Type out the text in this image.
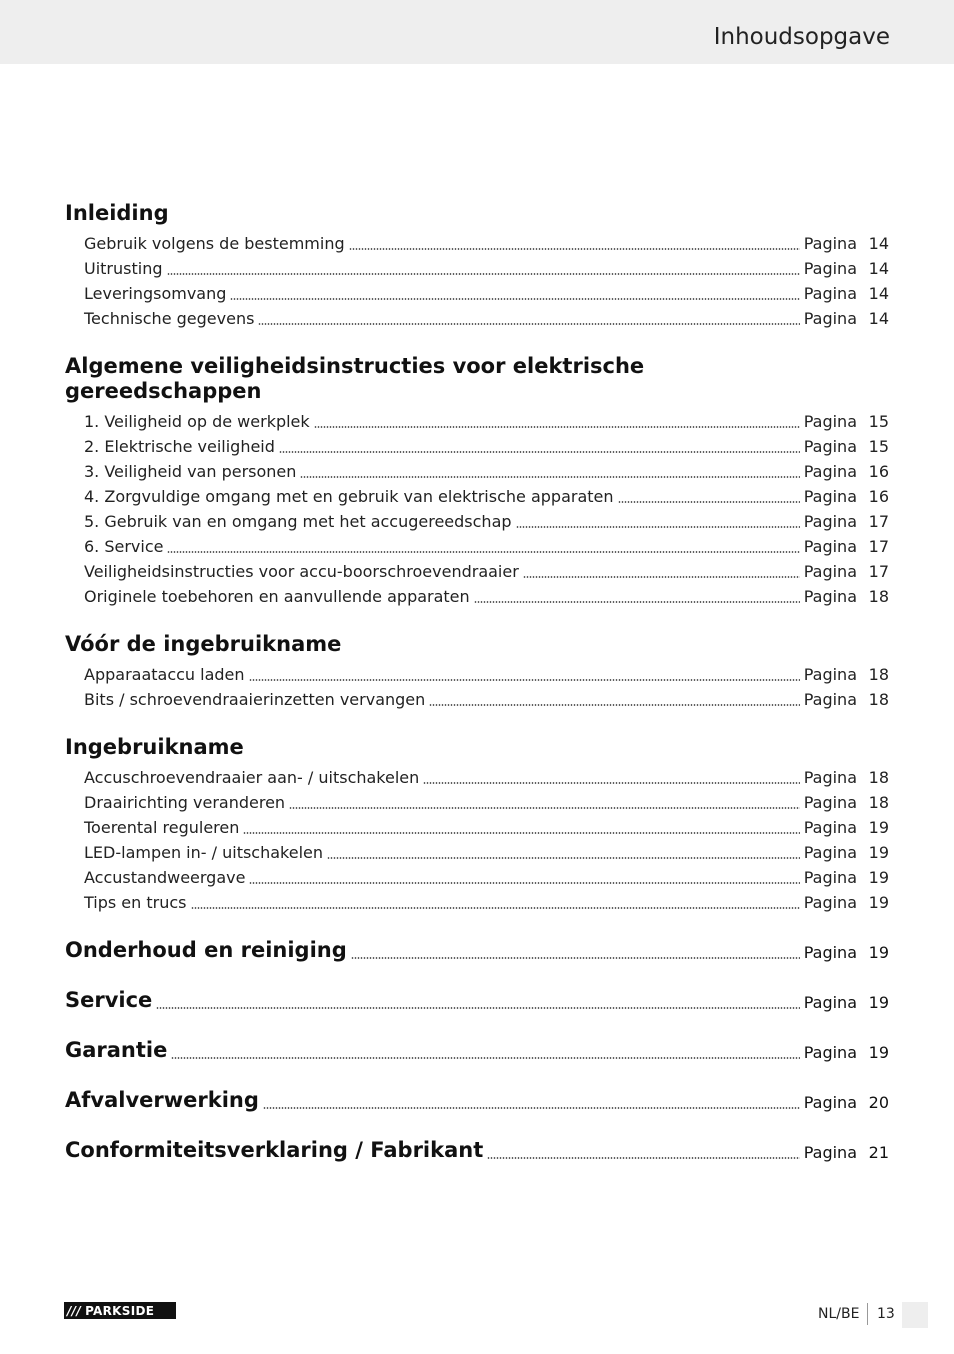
Inhoudsopgave
Inleiding
Gebruik volgens de bestemming	Pagina 14
Uitrusting	Pagina 14
Leveringsomvang	Pagina 14
Technische gegevens	Pagina 14
Algemene veiligheidsinstructies voor elektrische
gereedschappen
1. Veiligheid op de werkplek	Pagina 15
2. Elektrische veiligheid	Pagina 15
3. Veiligheid van personen	Pagina 16
4. Zorgvuldige omgang met en gebruik van elektrische apparaten	Pagina 16
5. Gebruik van en omgang met het accugereedschap	Pagina 17
6. Service	Pagina 17
Veiligheidsinstructies voor accu-boorschroevendraaier	Pagina 17
Originele toebehoren en aanvullende apparaten	Pagina 18
Vóór de ingebruikname
Apparaataccu laden	Pagina 18
Bits / schroevendraaierinzetten vervangen	Pagina 18
Ingebruikname
Accuschroevendraaier aan- / uitschakelen	Pagina 18
Draairichting veranderen	Pagina 18
Toerental reguleren	Pagina 19
LED-lampen in- / uitschakelen	Pagina 19
Accustandweergave	Pagina 19
Tips en trucs	Pagina 19
Onderhoud en reiniging	Pagina 19
Service	Pagina 19
Garantie	Pagina 19
Afvalverwerking	Pagina 20
Conformiteitsverklaring / Fabrikant	Pagina 21
/// PARKSIDE	NL/BE 13
